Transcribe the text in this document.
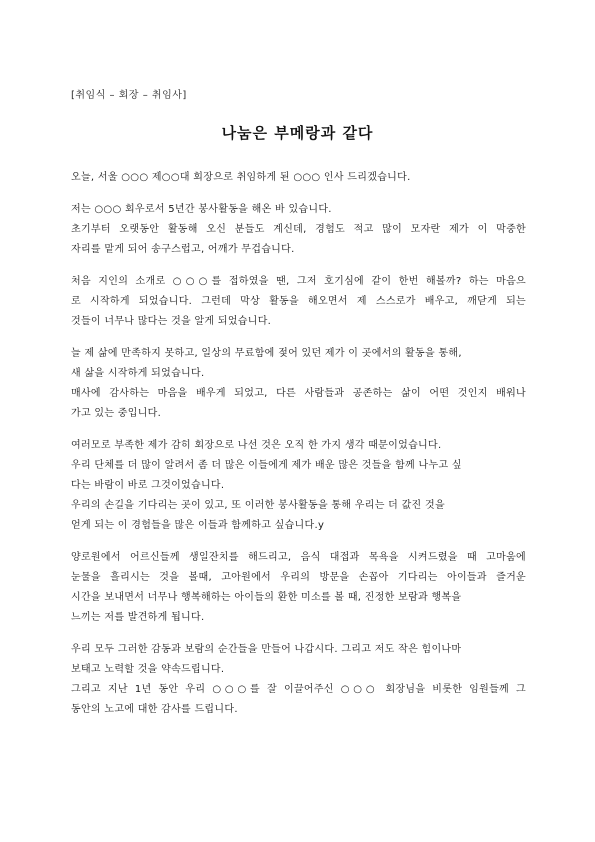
[취임식 – 회장 – 취임사]
나눔은 부메랑과 같다
오늘, 서울 ○○○ 제○○대 회장으로 취임하게 된 ○○○ 인사 드리겠습니다.
저는 ○○○ 회우로서 5년간 봉사활동을 해온 바 있습니다.
초기부터 오랫동안 활동해 오신 분들도 계신데, 경험도 적고 많이 모자란 제가 이 막중한
자리를 맡게 되어 송구스럽고, 어깨가 무겁습니다.
처음 지인의 소개로 ○○○를 접하였을 땐, 그저 호기심에 같이 한번 해볼까? 하는 마음으
로 시작하게 되었습니다. 그런데 막상 활동을 해오면서 제 스스로가 배우고, 깨닫게 되는
것들이 너무나 많다는 것을 알게 되었습니다.
늘 제 삶에 만족하지 못하고, 일상의 무료함에 젖어 있던 제가 이 곳에서의 활동을 통해,
새 삶을 시작하게 되었습니다.
매사에 감사하는 마음을 배우게 되었고, 다른 사람들과 공존하는 삶이 어떤 것인지 배워나
가고 있는 중입니다.
여러모로 부족한 제가 감히 회장으로 나선 것은 오직 한 가지 생각 때문이었습니다.
우리 단체를 더 많이 알려서 좀 더 많은 이들에게 제가 배운 많은 것들을 함께 나누고 싶
다는 바람이 바로 그것이었습니다.
우리의 손길을 기다리는 곳이 있고, 또 이러한 봉사활동을 통해 우리는 더 값진 것을
얻게 되는 이 경험들을 많은 이들과 함께하고 싶습니다.y
양로원에서 어르신들께 생일잔치를 해드리고, 음식 대접과 목욕을 시켜드렸을 때 고마움에
눈물을 흘리시는 것을 볼때, 고아원에서 우리의 방문을 손꼽아 기다리는 아이들과 즐거운
시간을 보내면서 너무나 행복해하는 아이들의 환한 미소를 볼 때, 진정한 보람과 행복을
느끼는 저를 발견하게 됩니다.
우리 모두 그러한 감동과 보람의 순간들을 만들어 나갑시다. 그리고 저도 작은 힘이나마
보태고 노력할 것을 약속드립니다.
그리고 지난 1년 동안 우리 ○○○를 잘 이끌어주신 ○○○ 회장님을 비롯한 임원들께 그
동안의 노고에 대한 감사를 드립니다.
